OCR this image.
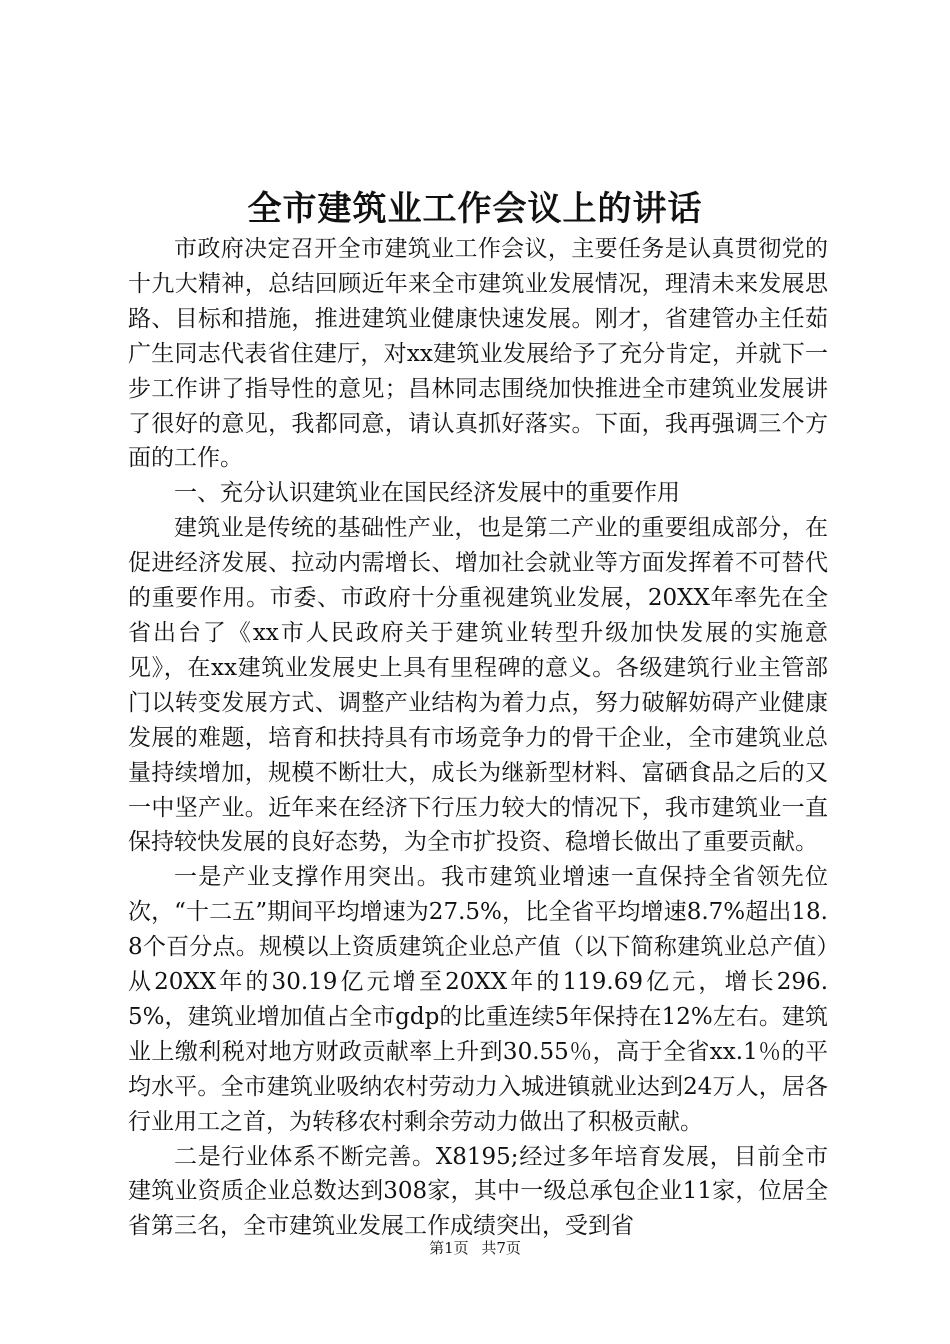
全市建筑业工作会议上的讲话

市政府决定召开全市建筑业工作会议，主要任务是认真贯彻党的十九大精神，总结回顾近年来全市建筑业发展情况，理清未来发展思路、目标和措施，推进建筑业健康快速发展。刚才，省建管办主任茹广生同志代表省住建厅，对xx建筑业发展给予了充分肯定，并就下一步工作讲了指导性的意见；昌林同志围绕加快推进全市建筑业发展讲了很好的意见，我都同意，请认真抓好落实。下面，我再强调三个方面的工作。

一、充分认识建筑业在国民经济发展中的重要作用

建筑业是传统的基础性产业，也是第二产业的重要组成部分，在促进经济发展、拉动内需增长、增加社会就业等方面发挥着不可替代的重要作用。市委、市政府十分重视建筑业发展，20XX年率先在全省出台了《xx市人民政府关于建筑业转型升级加快发展的实施意见》，在xx建筑业发展史上具有里程碑的意义。各级建筑行业主管部门以转变发展方式、调整产业结构为着力点，努力破解妨碍产业健康发展的难题，培育和扶持具有市场竞争力的骨干企业，全市建筑业总量持续增加，规模不断壮大，成长为继新型材料、富硒食品之后的又一中坚产业。近年来在经济下行压力较大的情况下，我市建筑业一直保持较快发展的良好态势，为全市扩投资、稳增长做出了重要贡献。

一是产业支撑作用突出。我市建筑业增速一直保持全省领先位次，“十二五”期间平均增速为27.5%，比全省平均增速8.7%超出18.8个百分点。规模以上资质建筑企业总产值（以下简称建筑业总产值）从20XX年的30.19亿元增至20XX年的119.69亿元，增长296.5%，建筑业增加值占全市gdp的比重连续5年保持在12%左右。建筑业上缴利税对地方财政贡献率上升到30.55％，高于全省xx.1％的平均水平。全市建筑业吸纳农村劳动力入城进镇就业达到24万人，居各行业用工之首，为转移农村剩余劳动力做出了积极贡献。

二是行业体系不断完善。X8195;经过多年培育发展，目前全市建筑业资质企业总数达到308家，其中一级总承包企业11家，位居全省第三名，全市建筑业发展工作成绩突出，受到省

第1页 共7页
